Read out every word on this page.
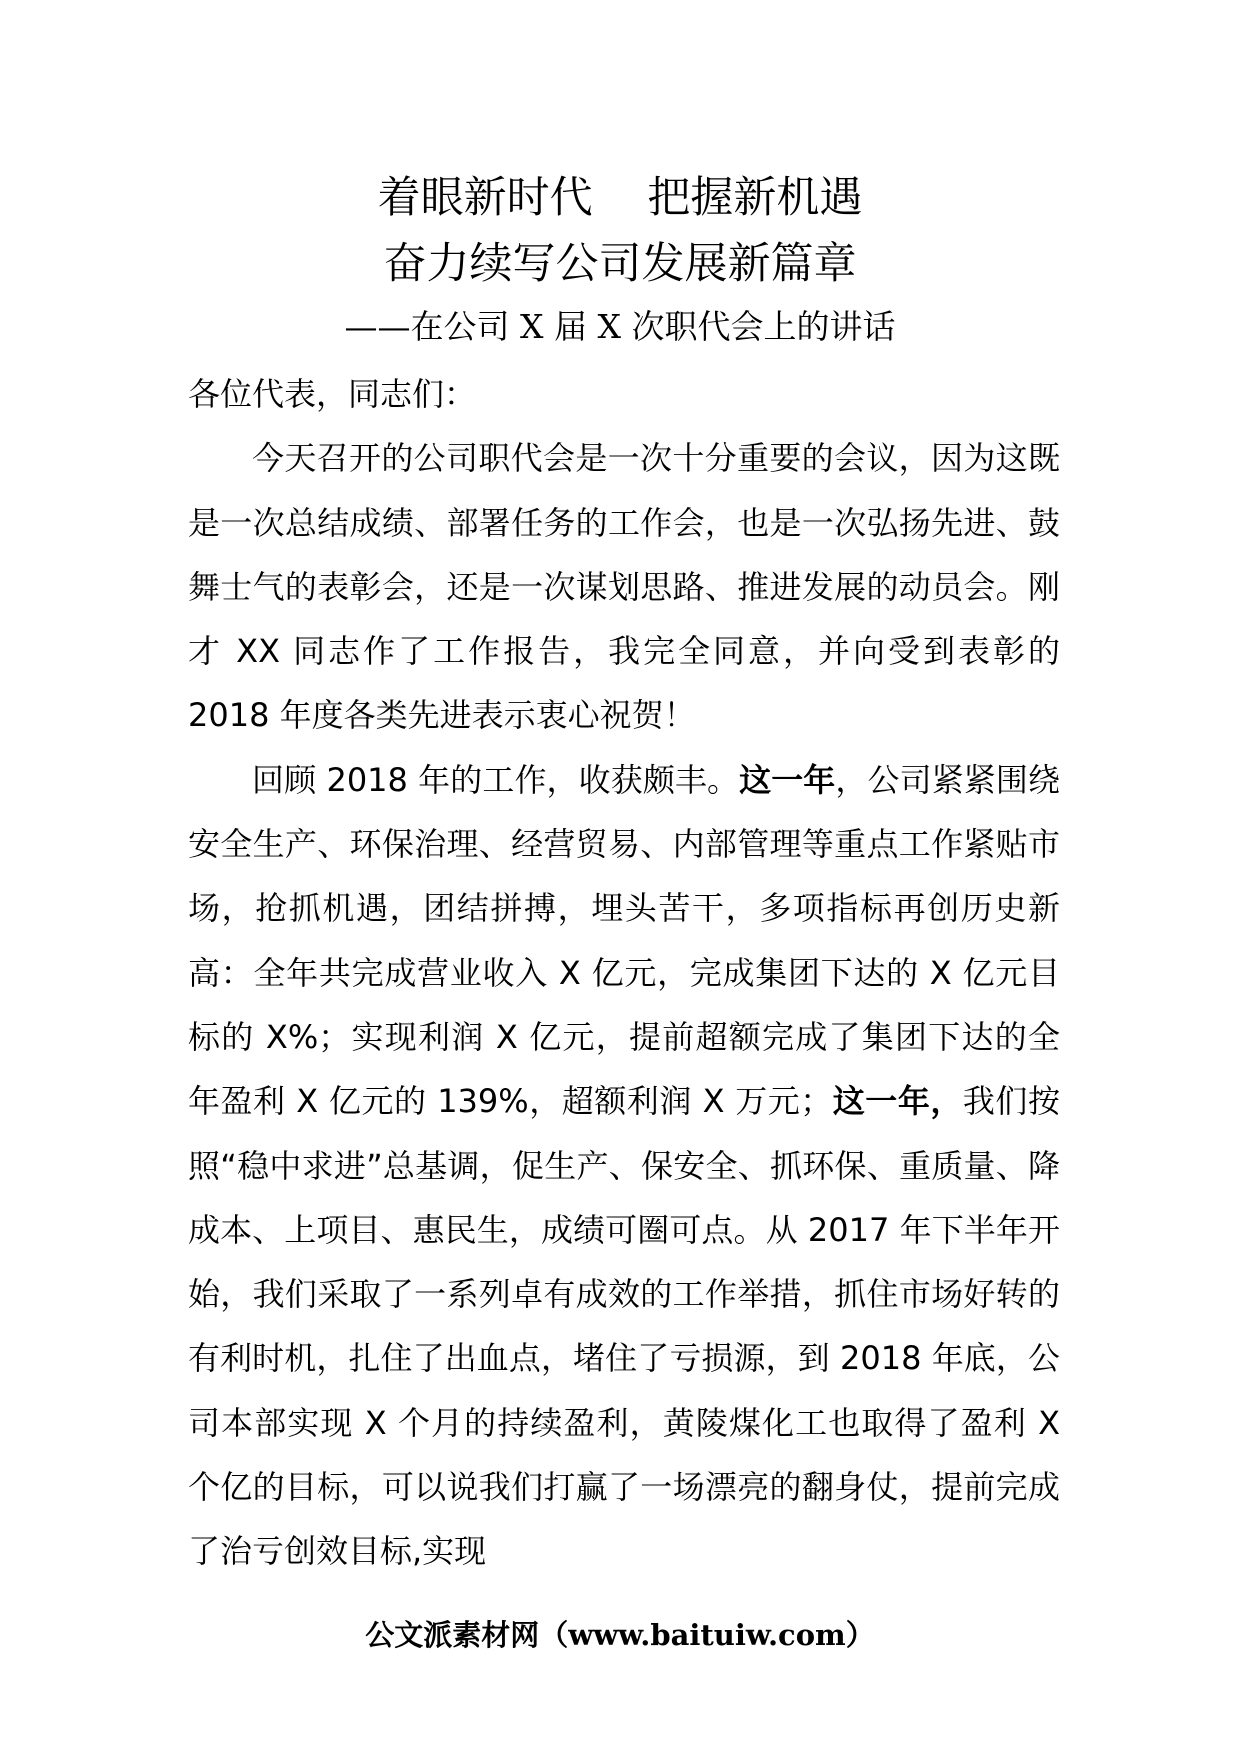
着眼新时代    把握新机遇
奋力续写公司发展新篇章
——在公司 X 届 X 次职代会上的讲话

各位代表，同志们：

今天召开的公司职代会是一次十分重要的会议，因为这既是一次总结成绩、部署任务的工作会，也是一次弘扬先进、鼓舞士气的表彰会，还是一次谋划思路、推进发展的动员会。刚才 XX 同志作了工作报告，我完全同意，并向受到表彰的 2018 年度各类先进表示衷心祝贺！

回顾 2018 年的工作，收获颇丰。这一年，公司紧紧围绕安全生产、环保治理、经营贸易、内部管理等重点工作紧贴市场，抢抓机遇，团结拼搏，埋头苦干，多项指标再创历史新高：全年共完成营业收入 X 亿元，完成集团下达的 X 亿元目标的 X%；实现利润 X 亿元，提前超额完成了集团下达的全年盈利 X 亿元的 139%，超额利润 X 万元；这一年，我们按照“稳中求进”总基调，促生产、保安全、抓环保、重质量、降成本、上项目、惠民生，成绩可圈可点。从 2017 年下半年开始，我们采取了一系列卓有成效的工作举措，抓住市场好转的有利时机，扎住了出血点，堵住了亏损源，到 2018 年底，公司本部实现 X 个月的持续盈利，黄陵煤化工也取得了盈利 X 个亿的目标，可以说我们打赢了一场漂亮的翻身仗，提前完成了治亏创效目标,实现

公文派素材网（www.baituiw.com）
